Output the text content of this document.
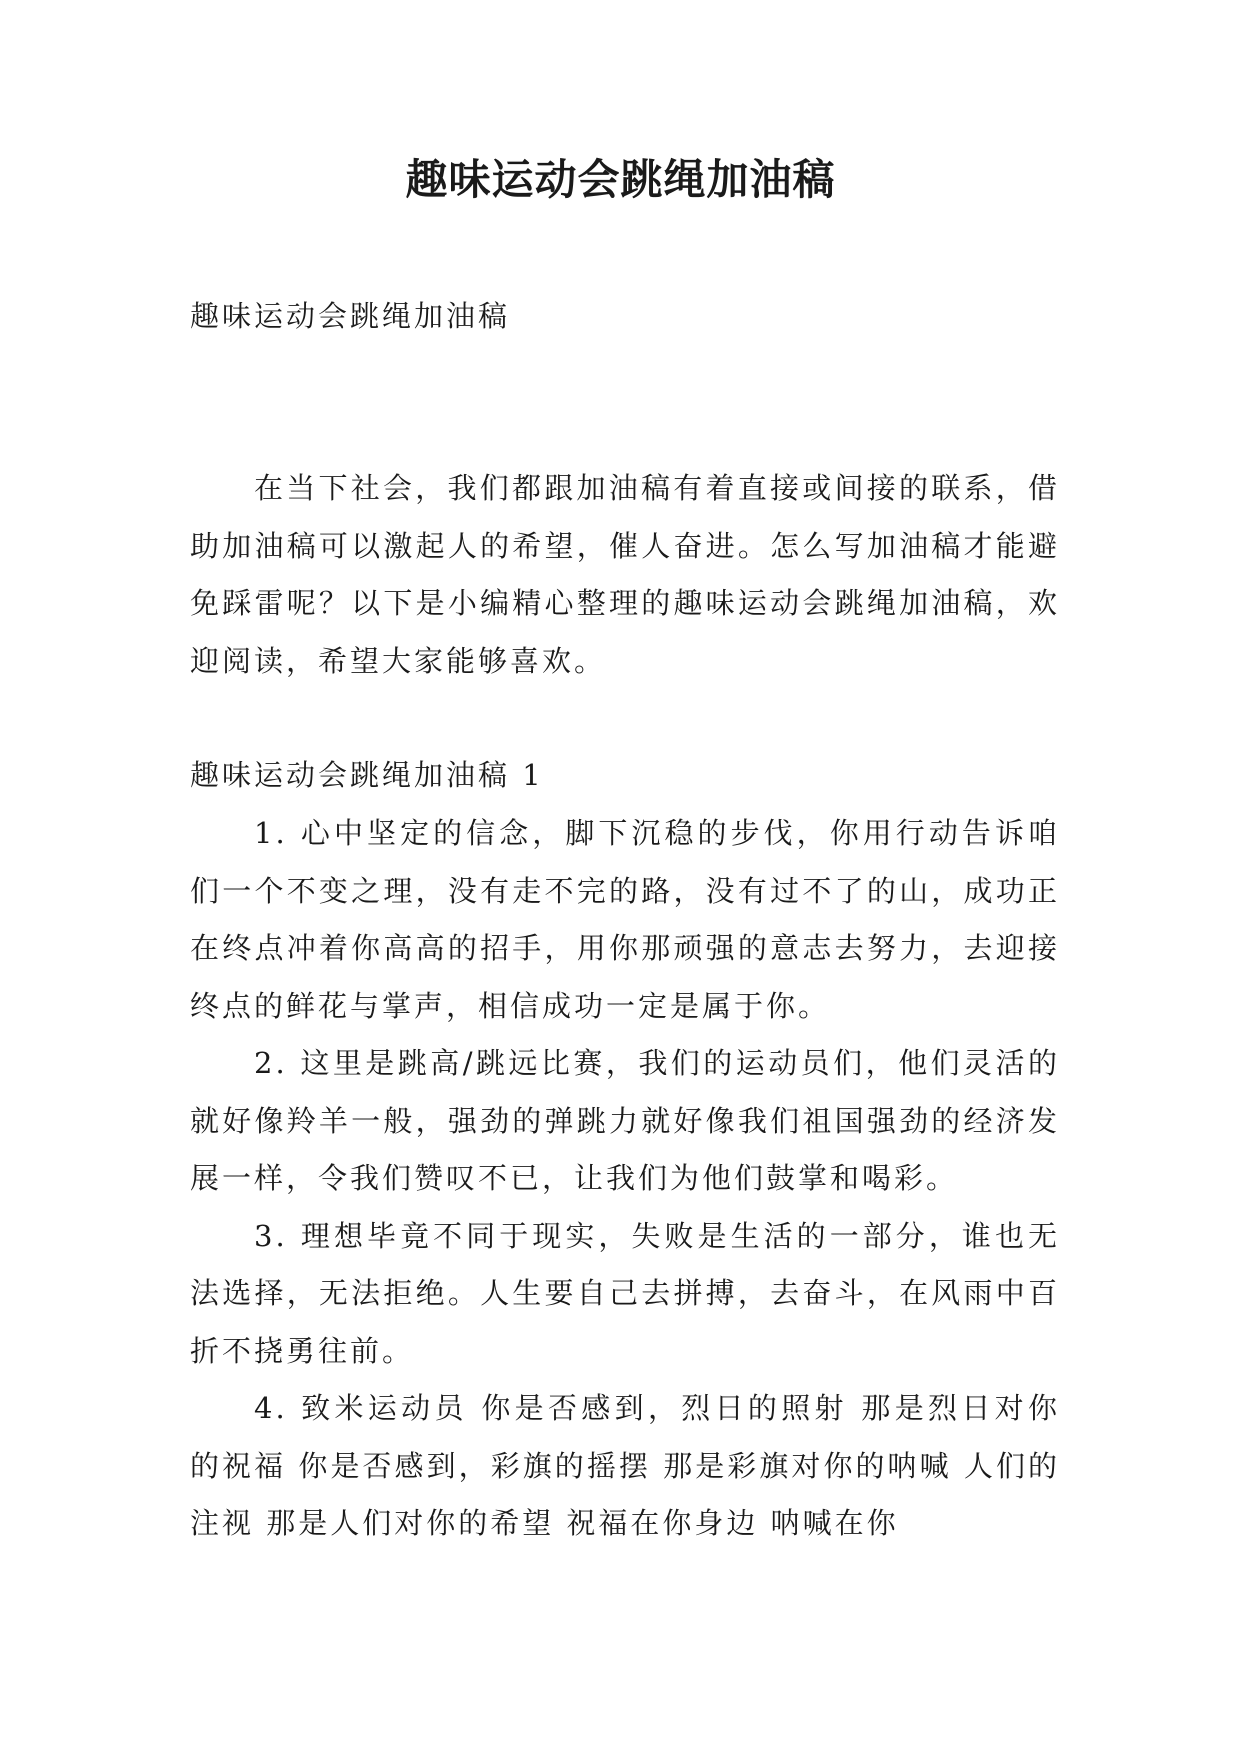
趣味运动会跳绳加油稿

趣味运动会跳绳加油稿

在当下社会，我们都跟加油稿有着直接或间接的联系，借助加油稿可以激起人的希望，催人奋进。怎么写加油稿才能避免踩雷呢？以下是小编精心整理的趣味运动会跳绳加油稿，欢迎阅读，希望大家能够喜欢。

趣味运动会跳绳加油稿 1

1. 心中坚定的信念，脚下沉稳的步伐，你用行动告诉咱们一个不变之理，没有走不完的路，没有过不了的山，成功正在终点冲着你高高的招手，用你那顽强的意志去努力，去迎接终点的鲜花与掌声，相信成功一定是属于你。

2. 这里是跳高/跳远比赛，我们的运动员们，他们灵活的就好像羚羊一般，强劲的弹跳力就好像我们祖国强劲的经济发展一样，令我们赞叹不已，让我们为他们鼓掌和喝彩。

3. 理想毕竟不同于现实，失败是生活的一部分，谁也无法选择，无法拒绝。人生要自己去拼搏，去奋斗，在风雨中百折不挠勇往前。

4. 致米运动员 你是否感到，烈日的照射 那是烈日对你的祝福 你是否感到，彩旗的摇摆 那是彩旗对你的呐喊 人们的注视 那是人们对你的希望 祝福在你身边 呐喊在你
